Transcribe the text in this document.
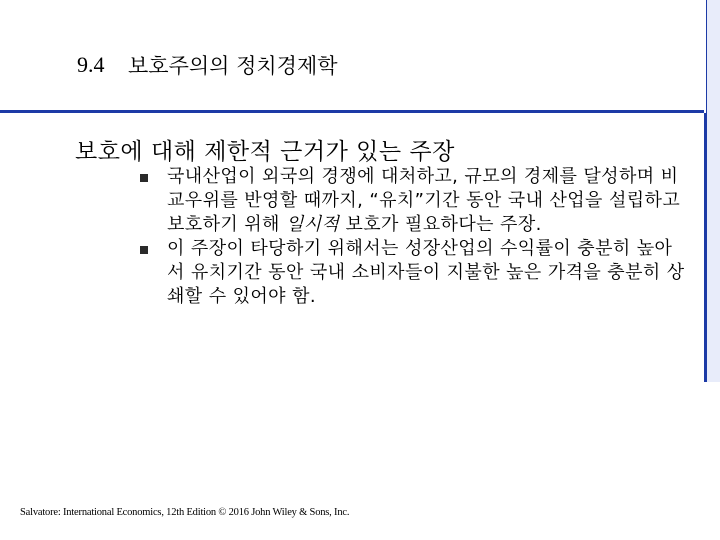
9.4 보호주의의 정치경제학
보호에 대해 제한적 근거가 있는 주장
국내산업이 외국의 경쟁에 대처하고, 규모의 경제를 달성하며 비교우위를 반영할 때까지, “유치”기간 동안 국내 산업을 설립하고 보호하기 위해 일시적 보호가 필요하다는 주장.
이 주장이 타당하기 위해서는 성장산업의 수익률이 충분히 높아서 유치기간 동안 국내 소비자들이 지불한 높은 가격을 충분히 상쇄할 수 있어야 함.
Salvatore: International Economics, 12th Edition © 2016 John Wiley & Sons, Inc.
